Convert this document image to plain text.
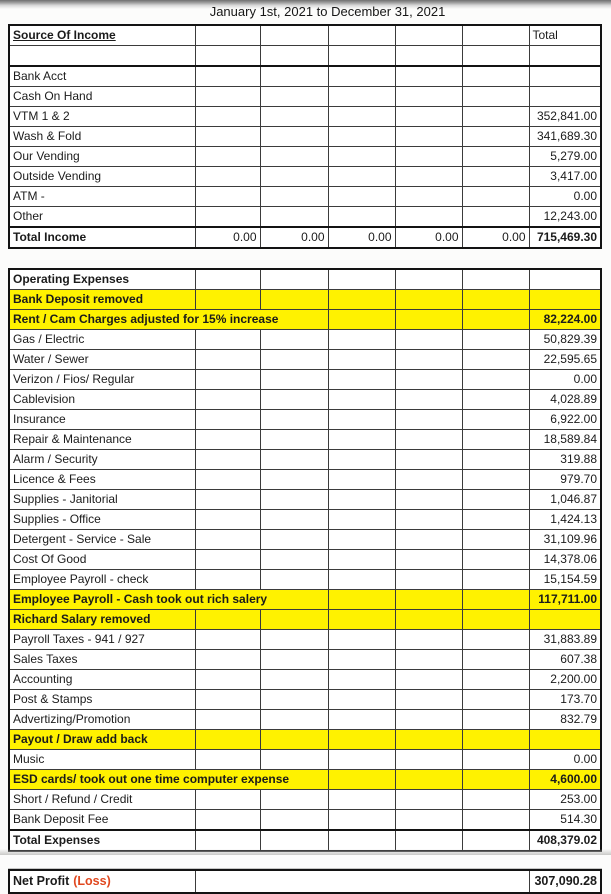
January 1st, 2021 to December 31, 2021
Source Of Income						Total

Bank Acct						
Cash On Hand						
VTM 1 & 2						352,841.00
Wash & Fold						341,689.30
Our Vending						5,279.00
Outside Vending						3,417.00
ATM -						0.00
Other						12,243.00
Total Income	0.00	0.00	0.00	0.00	0.00	715,469.30
Operating Expenses						
Bank Deposit removed						
Rent / Cam Charges adjusted for 15% increase						82,224.00
Gas / Electric						50,829.39
Water / Sewer						22,595.65
Verizon / Fios/ Regular						0.00
Cablevision						4,028.89
Insurance						6,922.00
Repair & Maintenance						18,589.84
Alarm / Security						319.88
Licence & Fees						979.70
Supplies - Janitorial						1,046.87
Supplies - Office						1,424.13
Detergent - Service - Sale						31,109.96
Cost Of Good						14,378.06
Employee Payroll - check						15,154.59
Employee Payroll - Cash took out rich salery						117,711.00
Richard Salary removed						
Payroll Taxes - 941 / 927						31,883.89
Sales Taxes						607.38
Accounting						2,200.00
Post & Stamps						173.70
Advertizing/Promotion						832.79
Payout / Draw add back						
Music						0.00
ESD cards/ took out one time computer expense						4,600.00
Short / Refund / Credit						253.00
Bank Deposit Fee						514.30
Total Expenses						408,379.02
Net Profit (Loss)		307,090.28
